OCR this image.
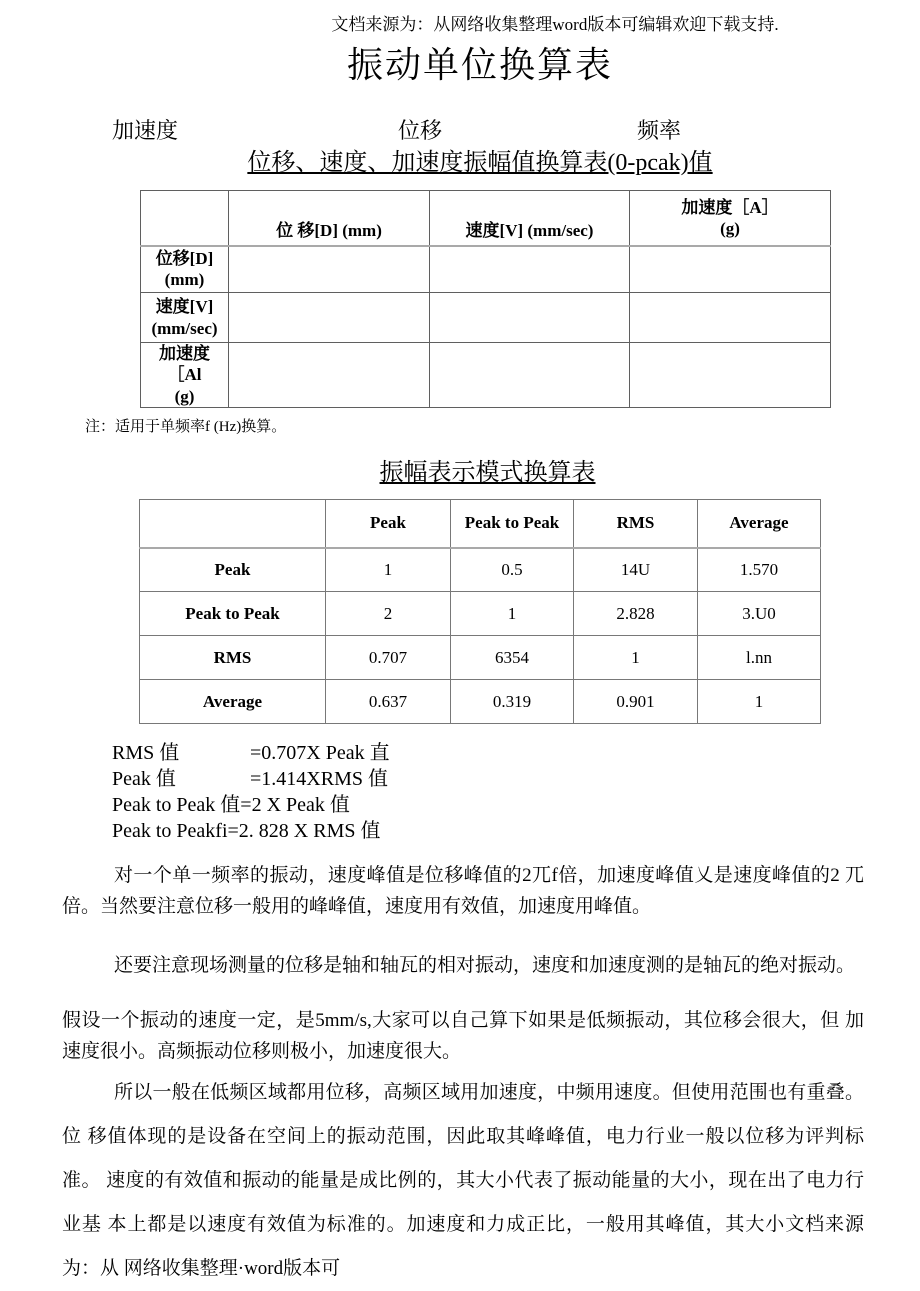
文档来源为：从网络收集整理word版本可编辑欢迎下载支持.
振动单位换算表
加速度	位移	频率
位移、速度、加速度振幅值换算表(0-pcak)值
	位 移[D] (mm)	速度[V] (mm/sec)	加速度［A］
(g)

位移[D]
(mm)			

速度[V]
(mm/sec)			

加速度［Al
(g)			

注：适用于单频率f (Hz)换算。
振幅表示模式换算表
	Peak	Peak to Peak	RMS	Average
Peak	1	0.5	14U	1.570
Peak to Peak	2	1	2.828	3.U0
RMS	0.707	6354	1	l.nn
Average	0.637	0.319	0.901	1
RMS 值	=0.707X Peak 直
Peak 值	=1.414XRMS 值
Peak to Peak 值=2 X Peak 值
Peak to Peakfi=2. 828 X RMS 值

对一个单一频率的振动，速度峰值是位移峰值的2兀f倍，加速度峰值乂是速度峰值的2 兀倍。当然要注意位移一般用的峰峰值，速度用有效值，加速度用峰值。

还要注意现场测量的位移是轴和轴瓦的相对振动，速度和加速度测的是轴瓦的绝对振动。

假设一个振动的速度一定，是5mm/s,大家可以自己算下如果是低频振动，其位移会很大，但 加速度很小。高频振动位移则极小，加速度很大。

所以一般在低频区域都用位移，高频区域用加速度，中频用速度。但使用范围也有重叠。位 移值体现的是设备在空间上的振动范围，因此取其峰峰值，电力行业一般以位移为评判标准。 速度的有效值和振动的能量是成比例的，其大小代表了振动能量的大小，现在出了电力行业基 本上都是以速度有效值为标准的。加速度和力成正比，一般用其峰值，其大小文档来源为：从 网络收集整理·word版本可
